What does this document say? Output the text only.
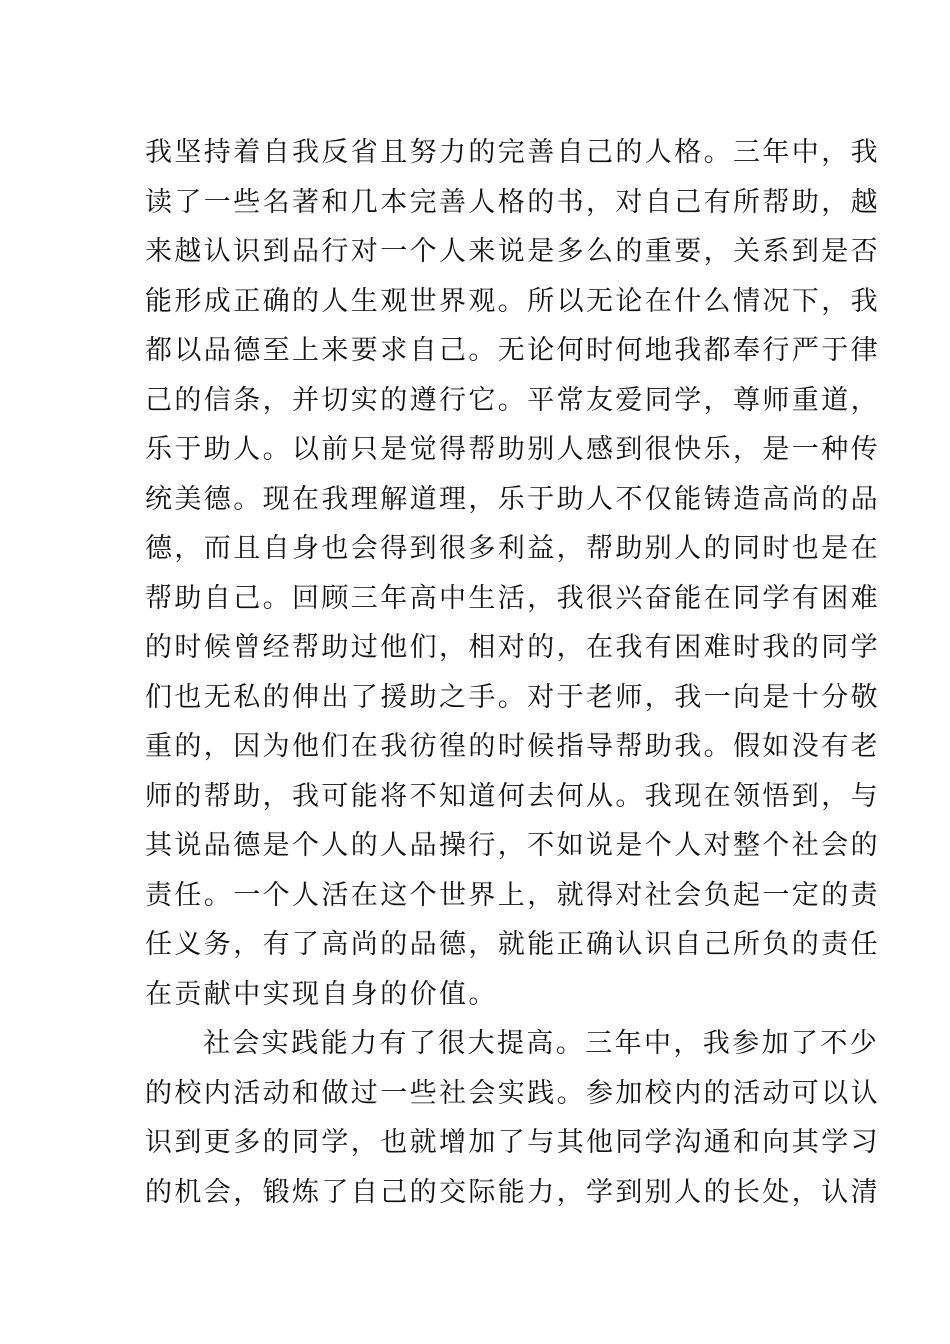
我坚持着自我反省且努力的完善自己的人格。三年中，我
读了一些名著和几本完善人格的书，对自己有所帮助，越
来越认识到品行对一个人来说是多么的重要，关系到是否
能形成正确的人生观世界观。所以无论在什么情况下，我
都以品德至上来要求自己。无论何时何地我都奉行严于律
己的信条，并切实的遵行它。平常友爱同学，尊师重道，
乐于助人。以前只是觉得帮助别人感到很快乐，是一种传
统美德。现在我理解道理，乐于助人不仅能铸造高尚的品
德，而且自身也会得到很多利益，帮助别人的同时也是在
帮助自己。回顾三年高中生活，我很兴奋能在同学有困难
的时候曾经帮助过他们，相对的，在我有困难时我的同学
们也无私的伸出了援助之手。对于老师，我一向是十分敬
重的，因为他们在我彷徨的时候指导帮助我。假如没有老
师的帮助，我可能将不知道何去何从。我现在领悟到，与
其说品德是个人的人品操行，不如说是个人对整个社会的
责任。一个人活在这个世界上，就得对社会负起一定的责
任义务，有了高尚的品德，就能正确认识自己所负的责任
在贡献中实现自身的价值。
社会实践能力有了很大提高。三年中，我参加了不少
的校内活动和做过一些社会实践。参加校内的活动可以认
识到更多的同学，也就增加了与其他同学沟通和向其学习
的机会，锻炼了自己的交际能力，学到别人的长处，认清
